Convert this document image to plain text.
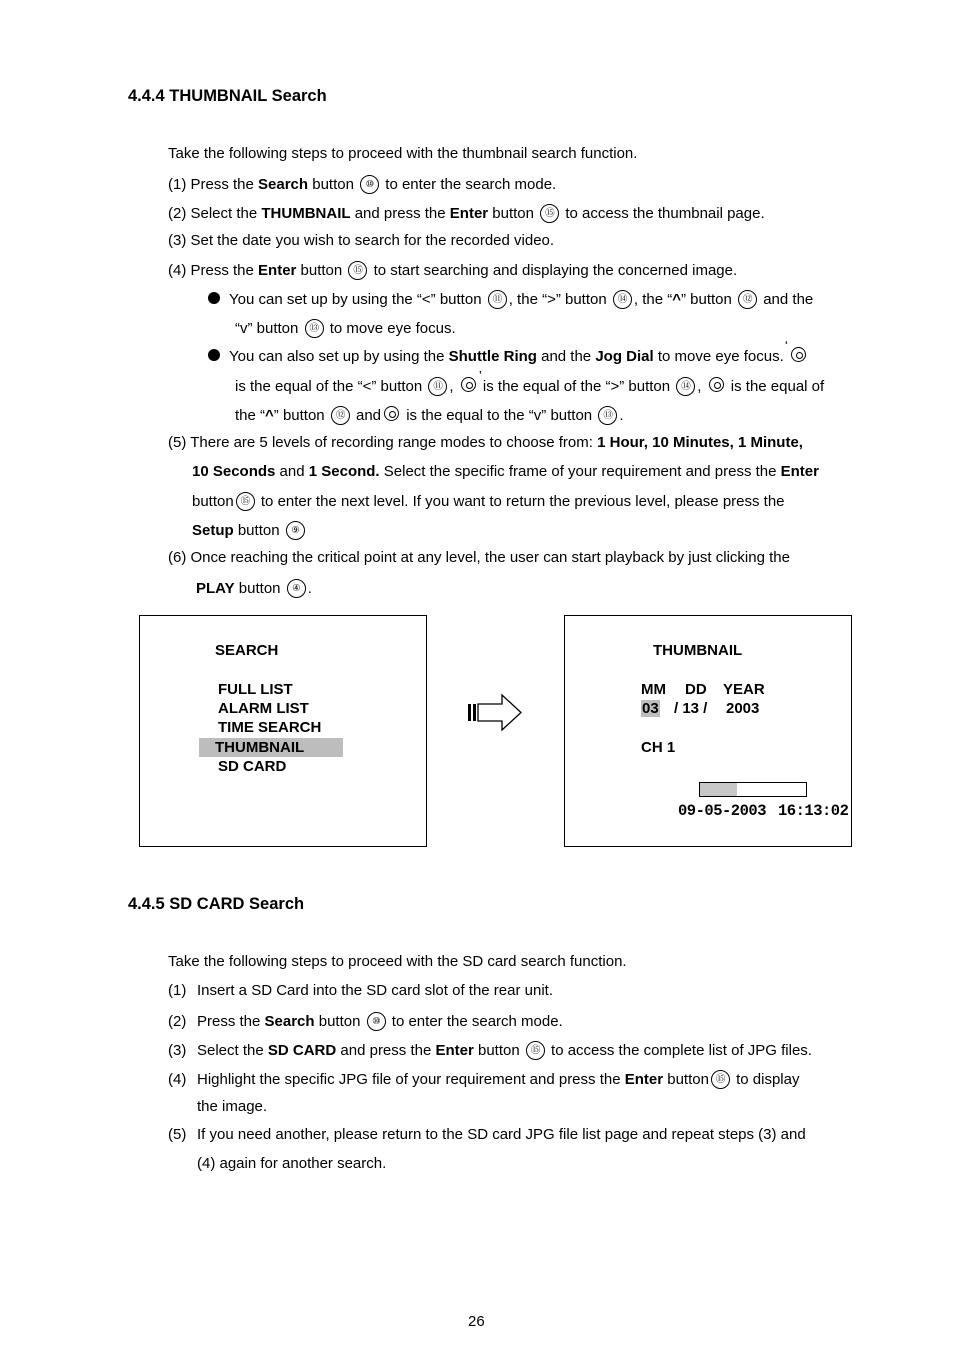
4.4.4 THUMBNAIL Search
Take the following steps to proceed with the thumbnail search function.
(1) Press the Search button ⑩ to enter the search mode.
(2) Select the THUMBNAIL and press the Enter button ⑮ to access the thumbnail page.
(3) Set the date you wish to search for the recorded video.
(4) Press the Enter button ⑮ to start searching and displaying the concerned image.
You can set up by using the “<” button ⑪ , the “>” button ⑭ , the “^” button ⑫ and the
“v” button ⑬ to move eye focus.
You can also set up by using the Shuttle Ring and the Jog Dial to move eye focus.
‘
is the equal of the “<” button ⑪ ,
’
is the equal of the “>” button ⑭ ,  is the equal of
the “^” button ⑫ and is the equal to the “v” button ⑬ .
(5) There are 5 levels of recording range modes to choose from: 1 Hour, 10 Minutes, 1 Minute,
10 Seconds and 1 Second. Select the specific frame of your requirement and press the Enter
button ⑮ to enter the next level. If you want to return the previous level, please press the
Setup button ⑨
(6) Once reaching the critical point at any level, the user can start playback by just clicking the
PLAY button ④ .
SEARCH
FULL LIST
ALARM LIST
TIME SEARCH
THUMBNAIL
SD CARD
THUMBNAIL
MM DD YEAR
03 / 13 / 2003
CH 1
09-05-2003 16:13:02
4.4.5 SD CARD Search
Take the following steps to proceed with the SD card search function.
(1) Insert a SD Card into the SD card slot of the rear unit.
(2) Press the Search button ⑩ to enter the search mode.
(3) Select the SD CARD and press the Enter button ⑮ to access the complete list of JPG files.
(4) Highlight the specific JPG file of your requirement and press the Enter button ⑮ to display
the image.
(5) If you need another, please return to the SD card JPG file list page and repeat steps (3) and
(4) again for another search.
26
